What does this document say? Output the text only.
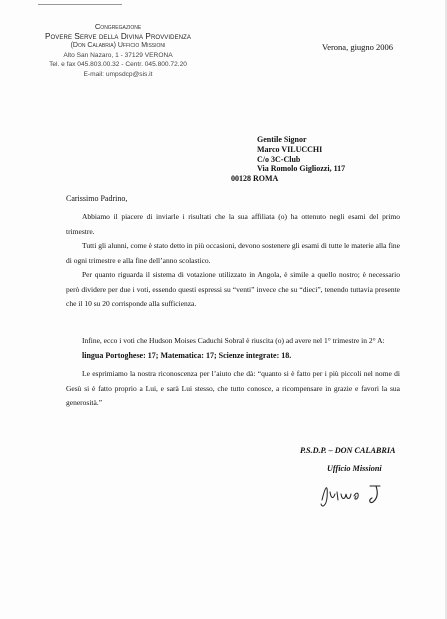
Congregazione
Povere Serve della Divina Provvidenza
(Don Calabria) Ufficio Missioni
Alto San Nazaro, 1 - 37129 VERONA
Tel. e fax 045.803.00.32 - Centr. 045.800.72.20
E-mail: umpsdcp@sis.it
Verona, giugno 2006
Gentile Signor
Marco VILUCCHI
C/o 3C-Club
Via Romolo Gigliozzi, 117
00128 ROMA
Carissimo Padrino,
Abbiamo il piacere di inviarle i risultati che la sua affiliata (o) ha ottenuto negli esami del primo trimestre.
Tutti gli alunni, come è stato detto in più occasioni, devono sostenere gli esami di tutte le materie alla fine di ogni trimestre e alla fine dell’anno scolastico.
Per quanto riguarda il sistema di votazione utilizzato in Angola, è simile a quello nostro; è necessario però dividere per due i voti, essendo questi espressi su “venti” invece che su “dieci”, tenendo tuttavia presente che il 10 su 20 corrisponde alla sufficienza.
Infine, ecco i voti che Hudson Moises Caduchi Sobral è riuscita (o) ad avere nel 1° trimestre in 2° A:
lingua Portoghese: 17; Matematica: 17; Scienze integrate: 18.
Le esprimiamo la nostra riconoscenza per l’aiuto che dà: “quanto si è fatto per i più piccoli nel nome di Gesù si è fatto proprio a Lui, e sarà Lui stesso, che tutto conosce, a ricompensare in grazie e favori la sua generosità.”
P.S.D.P. – DON CALABRIA
Ufficio Missioni
